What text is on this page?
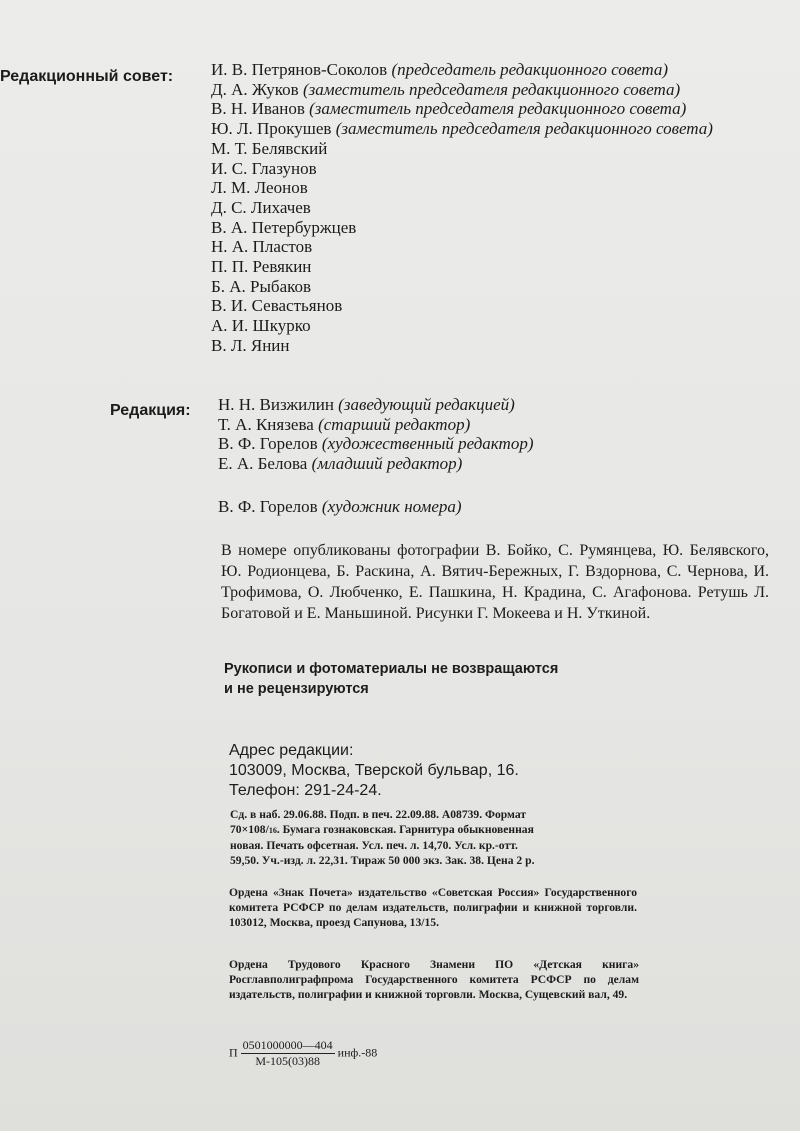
Редакционный совет: И. В. Петрянов-Соколов (председатель редакционного совета)
Д. А. Жуков (заместитель председателя редакционного совета)
В. Н. Иванов (заместитель председателя редакционного совета)
Ю. Л. Прокушев (заместитель председателя редакционного совета)
М. Т. Белявский
И. С. Глазунов
Л. М. Леонов
Д. С. Лихачев
В. А. Петербуржцев
Н. А. Пластов
П. П. Ревякин
Б. А. Рыбаков
В. И. Севастьянов
А. И. Шкурко
В. Л. Янин
Редакция: Н. Н. Визжилин (заведующий редакцией)
Т. А. Князева (старший редактор)
В. Ф. Горелов (художественный редактор)
Е. А. Белова (младший редактор)
В. Ф. Горелов (художник номера)
В номере опубликованы фотографии В. Бойко, С. Румянцева, Ю. Белявского, Ю. Родионцева, Б. Раскина, А. Вятич-Бережных, Г. Вздорнова, С. Чернова, И. Трофимова, О. Любченко, Е. Пашкина, Н. Крадина, С. Агафонова. Ретушь Л. Богатовой и Е. Маньшиной. Рисунки Г. Мокеева и Н. Уткиной.
Рукописи и фотоматериалы не возвращаются
и не рецензируются
Адрес редакции:
103009, Москва, Тверской бульвар, 16.
Телефон: 291-24-24.
Сд. в наб. 29.06.88. Подп. в печ. 22.09.88. А08739. Формат
70×108/16. Бумага гознаковская. Гарнитура обыкновенная
новая. Печать офсетная. Усл. печ. л. 14,70. Усл. кр.-отт.
59,50. Уч.-изд. л. 22,31. Тираж 50 000 экз. Зак. 38. Цена 2 р.
Ордена «Знак Почета» издательство «Советская Россия» Государственного комитета РСФСР по делам издательств, полиграфии и книжной торговли. 103012, Москва, проезд Сапунова, 13/15.
Ордена Трудового Красного Знамени ПО «Детская книга» Росглавполиграфпрома Государственного комитета РСФСР по делам издательств, полиграфии и книжной торговли. Москва, Сущевский вал, 49.
П $\frac{0501000000—404}{М-105(03)88} инф.-88$
